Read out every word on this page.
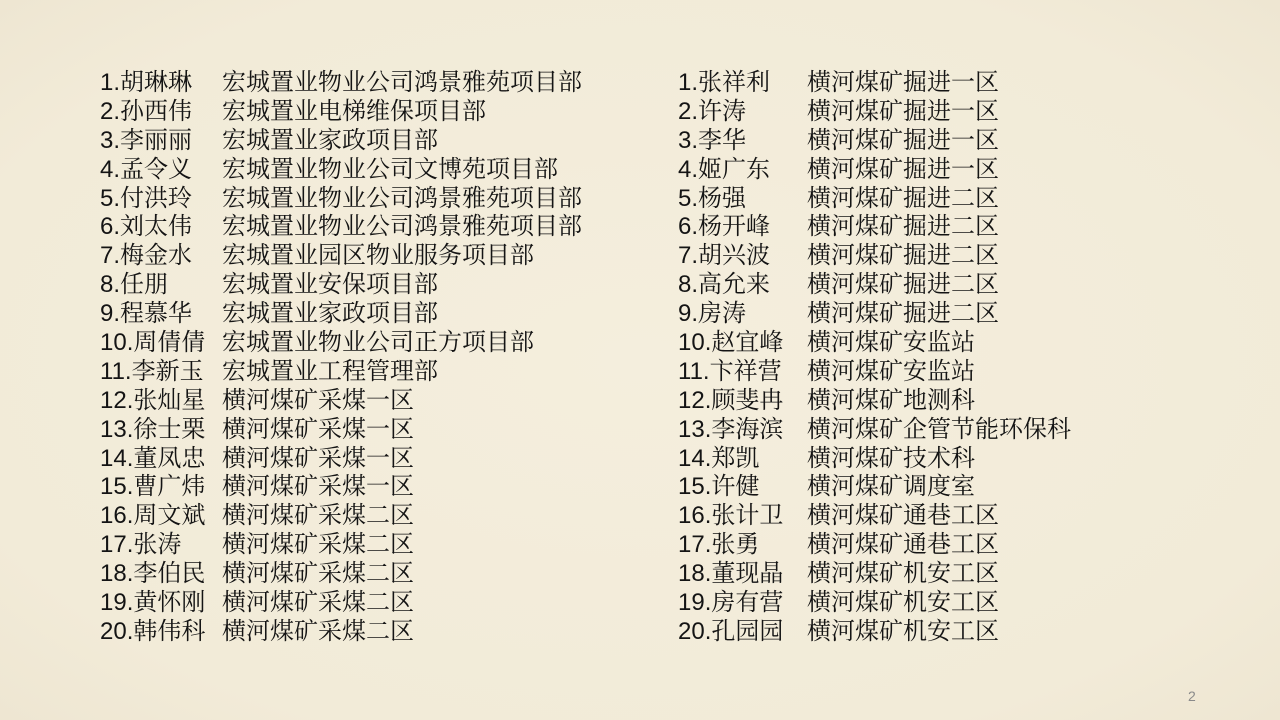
1.胡琳琳 宏城置业物业公司鸿景雅苑项目部
2.孙西伟 宏城置业电梯维保项目部
3.李丽丽 宏城置业家政项目部
4.孟令义 宏城置业物业公司文博苑项目部
5.付洪玲 宏城置业物业公司鸿景雅苑项目部
6.刘太伟 宏城置业物业公司鸿景雅苑项目部
7.梅金水 宏城置业园区物业服务项目部
8.任朋 宏城置业安保项目部
9.程慕华 宏城置业家政项目部
10.周倩倩 宏城置业物业公司正方项目部
11.李新玉 宏城置业工程管理部
12.张灿星 横河煤矿采煤一区
13.徐士栗 横河煤矿采煤一区
14.董凤忠 横河煤矿采煤一区
15.曹广炜 横河煤矿采煤一区
16.周文斌 横河煤矿采煤二区
17.张涛 横河煤矿采煤二区
18.李伯民 横河煤矿采煤二区
19.黄怀刚 横河煤矿采煤二区
20.韩伟科 横河煤矿采煤二区
1.张祥利 横河煤矿掘进一区
2.许涛	横河煤矿掘进一区
3.李华	横河煤矿掘进一区
4.姬广东 横河煤矿掘进一区
5.杨强	横河煤矿掘进二区
6.杨开峰 横河煤矿掘进二区
7.胡兴波 横河煤矿掘进二区
8.高允来 横河煤矿掘进二区
9.房涛	横河煤矿掘进二区
10.赵宜峰 横河煤矿安监站
11.卞祥营 横河煤矿安监站
12.顾斐冉 横河煤矿地测科
13.李海滨 横河煤矿企管节能环保科
14.郑凯 横河煤矿技术科
15.许健 横河煤矿调度室
16.张计卫 横河煤矿通巷工区
17.张勇 横河煤矿通巷工区
18.董现晶 横河煤矿机安工区
19.房有营 横河煤矿机安工区
20.孔园园 横河煤矿机安工区
2
